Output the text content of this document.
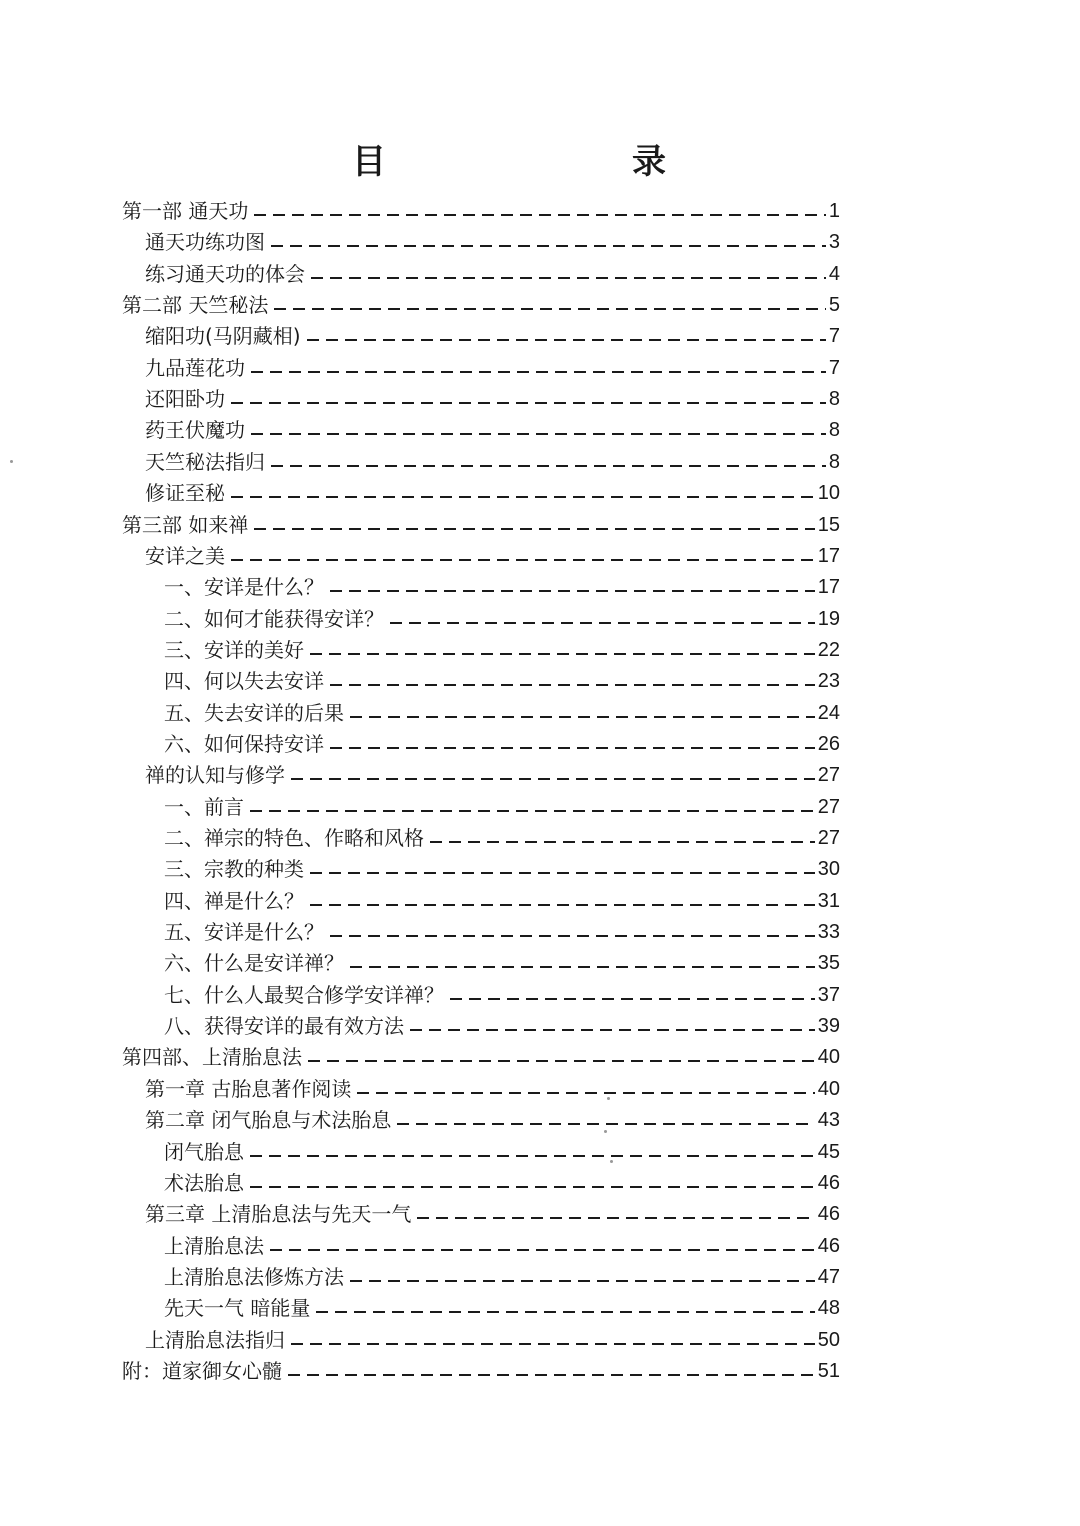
目	录
第一部 通天功	1
通天功练功图	3
练习通天功的体会	4
第二部 天竺秘法	5
缩阳功(马阴藏相)	7
九品莲花功	7
还阳卧功	8
药王伏魔功	8
天竺秘法指归	8
修证至秘	10
第三部 如来禅	15
安详之美	17
一、安详是什么？	17
二、如何才能获得安详？	19
三、安详的美好	22
四、何以失去安详	23
五、失去安详的后果	24
六、如何保持安详	26
禅的认知与修学	27
一、前言	27
二、禅宗的特色、作略和风格	27
三、宗教的种类	30
四、禅是什么？	31
五、安详是什么？	33
六、什么是安详禅？	35
七、什么人最契合修学安详禅？	37
八、获得安详的最有效方法	39
第四部、上清胎息法	40
第一章 古胎息著作阅读	40
第二章 闭气胎息与术法胎息	43
闭气胎息	45
术法胎息	46
第三章 上清胎息法与先天一气	46
上清胎息法	46
上清胎息法修炼方法	47
先天一气 暗能量	48
上清胎息法指归	50
附：道家御女心髓	51
